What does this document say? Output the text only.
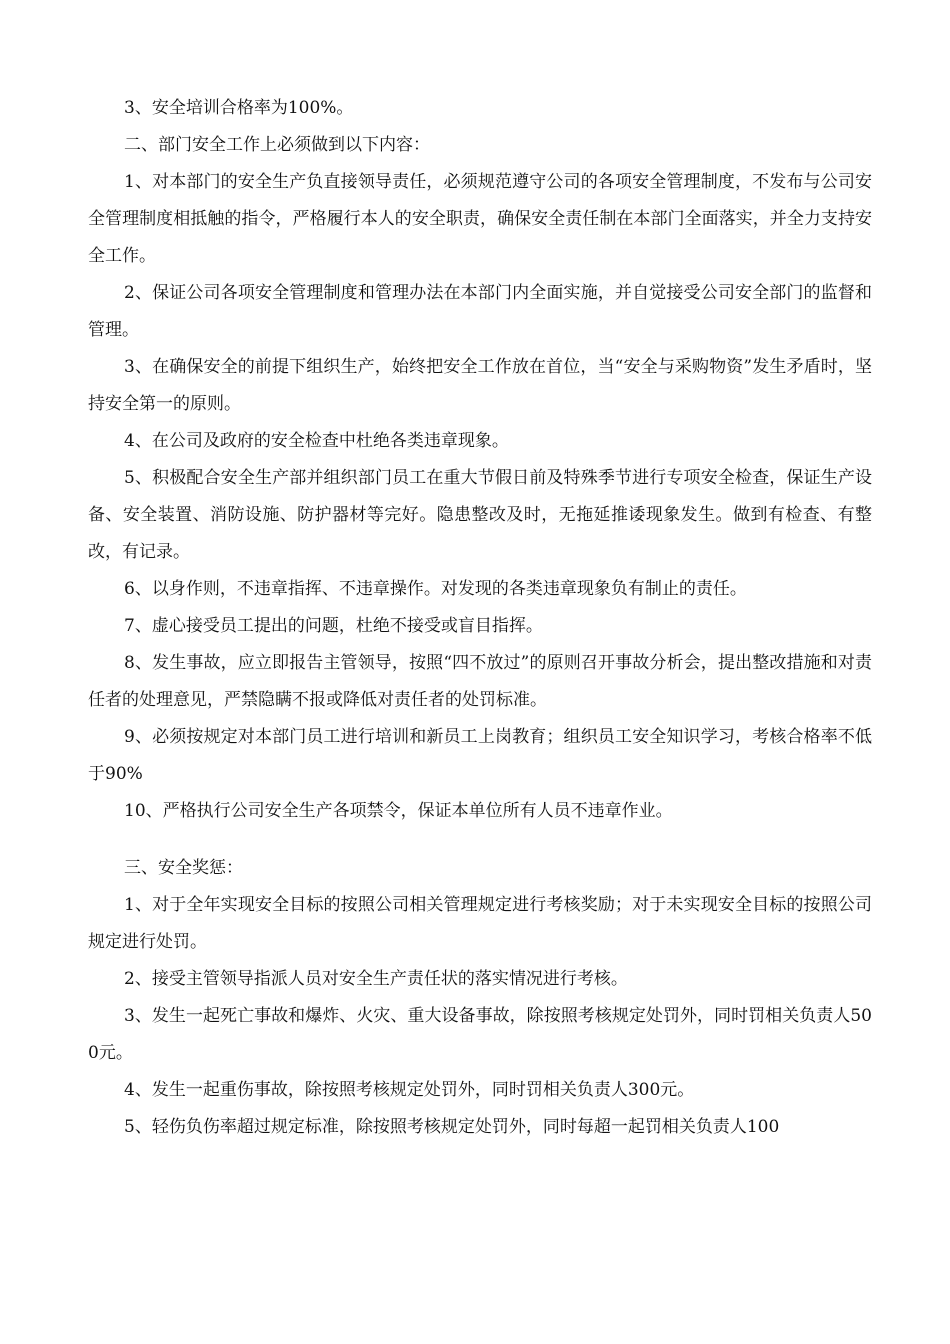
3、安全培训合格率为100%。

二、部门安全工作上必须做到以下内容：

1、对本部门的安全生产负直接领导责任，必须规范遵守公司的各项安全管理制度，不发布与公司安全管理制度相抵触的指令，严格履行本人的安全职责，确保安全责任制在本部门全面落实，并全力支持安全工作。

2、保证公司各项安全管理制度和管理办法在本部门内全面实施，并自觉接受公司安全部门的监督和管理。

3、在确保安全的前提下组织生产，始终把安全工作放在首位，当“安全与采购物资”发生矛盾时，坚持安全第一的原则。

4、在公司及政府的安全检查中杜绝各类违章现象。

5、积极配合安全生产部并组织部门员工在重大节假日前及特殊季节进行专项安全检查，保证生产设备、安全装置、消防设施、防护器材等完好。隐患整改及时，无拖延推诿现象发生。做到有检查、有整改，有记录。

6、以身作则，不违章指挥、不违章操作。对发现的各类违章现象负有制止的责任。

7、虚心接受员工提出的问题，杜绝不接受或盲目指挥。

8、发生事故，应立即报告主管领导，按照“四不放过”的原则召开事故分析会，提出整改措施和对责任者的处理意见，严禁隐瞒不报或降低对责任者的处罚标准。

9、必须按规定对本部门员工进行培训和新员工上岗教育；组织员工安全知识学习，考核合格率不低于90%

10、严格执行公司安全生产各项禁令，保证本单位所有人员不违章作业。

三、安全奖惩：

1、对于全年实现安全目标的按照公司相关管理规定进行考核奖励；对于未实现安全目标的按照公司规定进行处罚。

2、接受主管领导指派人员对安全生产责任状的落实情况进行考核。

3、发生一起死亡事故和爆炸、火灾、重大设备事故，除按照考核规定处罚外，同时罚相关负责人500元。

4、发生一起重伤事故，除按照考核规定处罚外，同时罚相关负责人300元。

5、轻伤负伤率超过规定标准，除按照考核规定处罚外，同时每超一起罚相关负责人100
